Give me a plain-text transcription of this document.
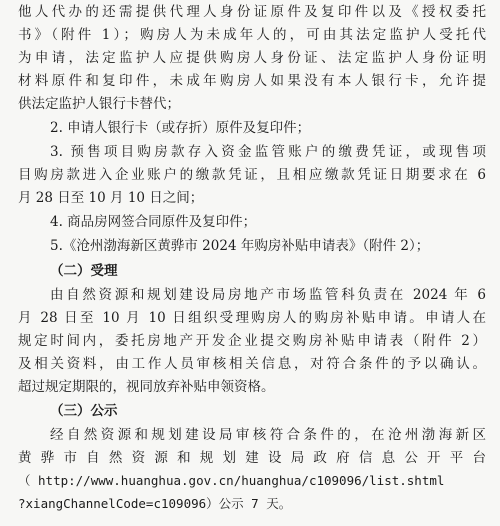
他人代办的还需提供代理人身份证原件及复印件以及《授权委托
书》（附件 1）；购房人为未成年人的，可由其法定监护人受托代
为申请，法定监护人应提供购房人身份证、法定监护人身份证明
材料原件和复印件，未成年购房人如果没有本人银行卡，允许提
供法定监护人银行卡替代；
2. 申请人银行卡（或存折）原件及复印件；
3. 预售项目购房款存入资金监管账户的缴费凭证，或现售项
目购房款进入企业账户的缴款凭证，且相应缴款凭证日期要求在 6
月 28 日至 10 月 10 日之间；
4. 商品房网签合同原件及复印件；
5.《沧州渤海新区黄骅市 2024 年购房补贴申请表》（附件 2）；
（二）受理
由自然资源和规划建设局房地产市场监管科负责在 2024 年 6
月 28 日至 10 月 10 日组织受理购房人的购房补贴申请。申请人在
规定时间内，委托房地产开发企业提交购房补贴申请表（附件 2）
及相关资料，由工作人员审核相关信息，对符合条件的予以确认。
超过规定期限的，视同放弃补贴申领资格。
（三）公示
经自然资源和规划建设局审核符合条件的，在沧州渤海新区
黄骅市自然资源和规划建设局政府信息公开平台
（ http://www.huanghua.gov.cn/huanghua/c109096/list.shtml
?xiangChannelCode=c109096）公示 7 天。
